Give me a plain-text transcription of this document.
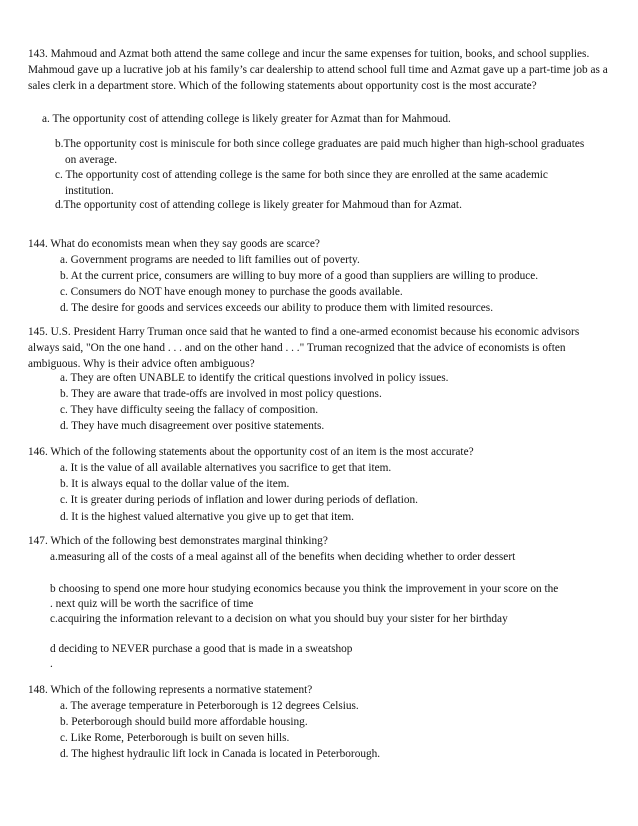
143. Mahmoud and Azmat both attend the same college and incur the same expenses for tuition, books, and school supplies. Mahmoud gave up a lucrative job at his family’s car dealership to attend school full time and Azmat gave up a part-time job as a sales clerk in a department store. Which of the following statements about opportunity cost is the most accurate?

a. The opportunity cost of attending college is likely greater for Azmat than for Mahmoud.

b.The opportunity cost is miniscule for both since college graduates are paid much higher than high-school graduates on average.

c. The opportunity cost of attending college is the same for both since they are enrolled at the same academic institution.

d.The opportunity cost of attending college is likely greater for Mahmoud than for Azmat.

144. What do economists mean when they say goods are scarce?

a. Government programs are needed to lift families out of poverty.

b. At the current price, consumers are willing to buy more of a good than suppliers are willing to produce.

c. Consumers do NOT have enough money to purchase the goods available.

d. The desire for goods and services exceeds our ability to produce them with limited resources.

145. U.S. President Harry Truman once said that he wanted to find a one-armed economist because his economic advisors always said, "On the one hand . . . and on the other hand . . ." Truman recognized that the advice of economists is often ambiguous. Why is their advice often ambiguous?

a. They are often UNABLE to identify the critical questions involved in policy issues.

b. They are aware that trade-offs are involved in most policy questions.

c. They have difficulty seeing the fallacy of composition.

d. They have much disagreement over positive statements.

146. Which of the following statements about the opportunity cost of an item is the most accurate?

a. It is the value of all available alternatives you sacrifice to get that item.

b. It is always equal to the dollar value of the item.

c. It is greater during periods of inflation and lower during periods of deflation.

d. It is the highest valued alternative you give up to get that item.

147. Which of the following best demonstrates marginal thinking?

a.measuring all of the costs of a meal against all of the benefits when deciding whether to order dessert

b choosing to spend one more hour studying economics because you think the improvement in your score on the

. next quiz will be worth the sacrifice of time

c.acquiring the information relevant to a decision on what you should buy your sister for her birthday

d deciding to NEVER purchase a good that is made in a sweatshop

.

148. Which of the following represents a normative statement?

a. The average temperature in Peterborough is 12 degrees Celsius.

b. Peterborough should build more affordable housing.

c. Like Rome, Peterborough is built on seven hills.

d. The highest hydraulic lift lock in Canada is located in Peterborough.
